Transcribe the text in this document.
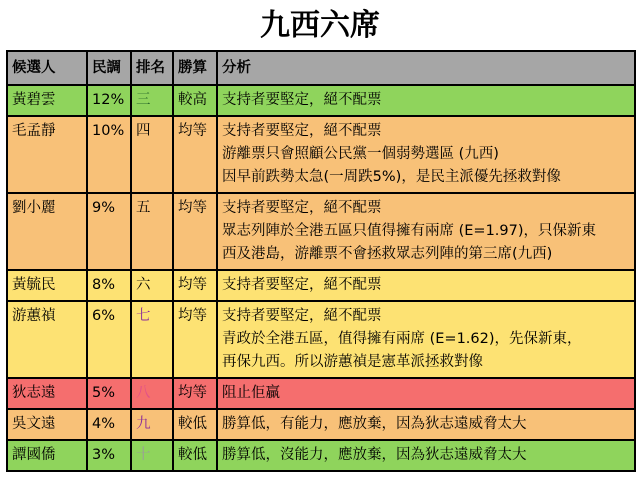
九西六席
候選人	民調	排名	勝算	分析
黃碧雲	12%	三	較高	支持者要堅定，絕不配票

毛孟靜	10%	四	均等	支持者要堅定，絕不配票
游離票只會照顧公民黨一個弱勢選區 (九西)
因早前跌勢太急(一周跌5%)，是民主派優先拯救對像

劉小麗	9%	五	均等	支持者要堅定，絕不配票
眾志列陣於全港五區只值得擁有兩席 (E=1.97)，只保新東
西及港島，游離票不會拯救眾志列陣的第三席(九西)

黃毓民	8%	六	均等	支持者要堅定，絕不配票

游蕙禎	6%	七	均等	支持者要堅定，絕不配票
青政於全港五區，值得擁有兩席 (E=1.62)，先保新東，
再保九西。所以游蕙禎是憲革派拯救對像

狄志遠	5%	八	均等	阻止佢贏

吳文遠	4%	九	較低	勝算低，有能力，應放棄，因為狄志遠威脅太大

譚國僑	3%	十	較低	勝算低，沒能力，應放棄，因為狄志遠威脅太大
